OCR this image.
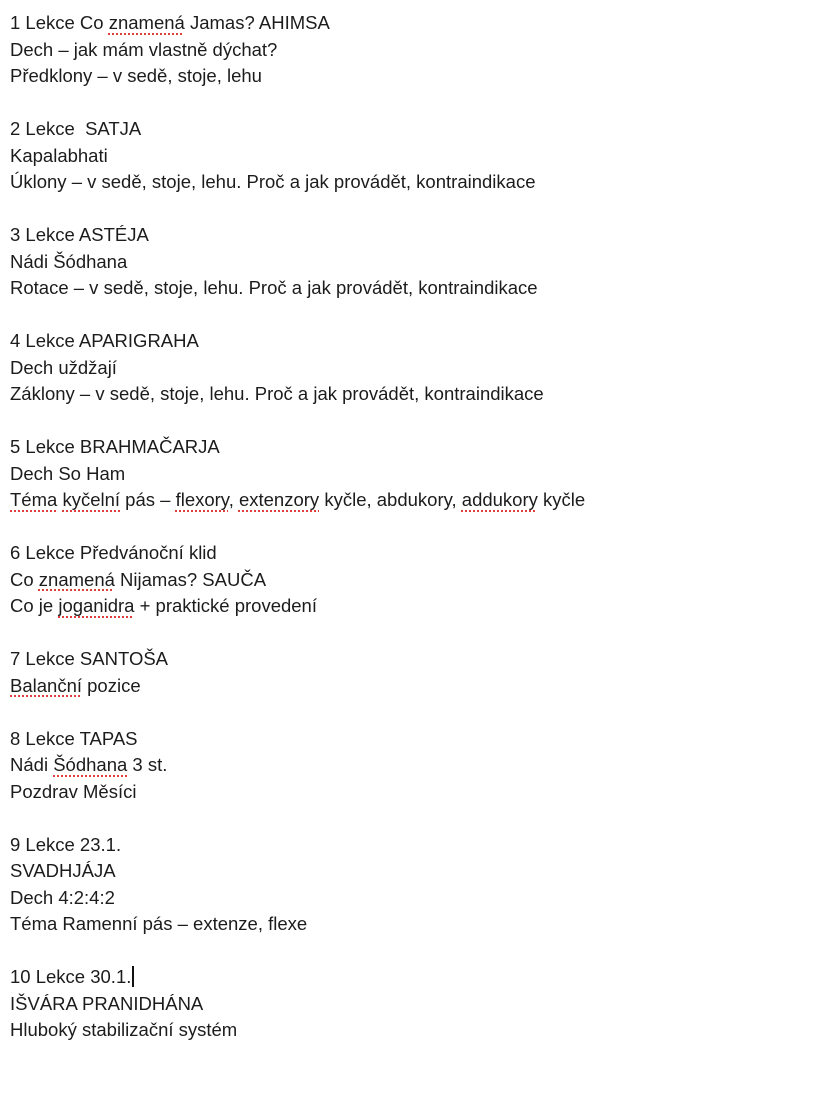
1 Lekce Co znamená Jamas? AHIMSA
Dech – jak mám vlastně dýchat?
Předklony – v sedě, stoje, lehu
2 Lekce  SATJA
Kapalabhati
Úklony – v sedě, stoje, lehu. Proč a jak provádět, kontraindikace
3 Lekce ASTÉJA
Nádi Šódhana
Rotace – v sedě, stoje, lehu. Proč a jak provádět, kontraindikace
4 Lekce APARIGRAHA
Dech uždžají
Záklony – v sedě, stoje, lehu. Proč a jak provádět, kontraindikace
5 Lekce BRAHMAČARJA
Dech So Ham
Téma kyčelní pás – flexory, extenzory kyčle, abdukory, addukory kyčle
6 Lekce Předvánoční klid
Co znamená Nijamas? SAUČA
Co je joganidra + praktické provedení
7 Lekce SANTOŠA
Balanční pozice
8 Lekce TAPAS
Nádi Šódhana 3 st.
Pozdrav Měsíci
9 Lekce 23.1.
SVADHJÁJA
Dech 4:2:4:2
Téma Ramenní pás – extenze, flexe
10 Lekce 30.1.
IŠVÁRA PRANIDHÁNA
Hluboký stabilizační systém
